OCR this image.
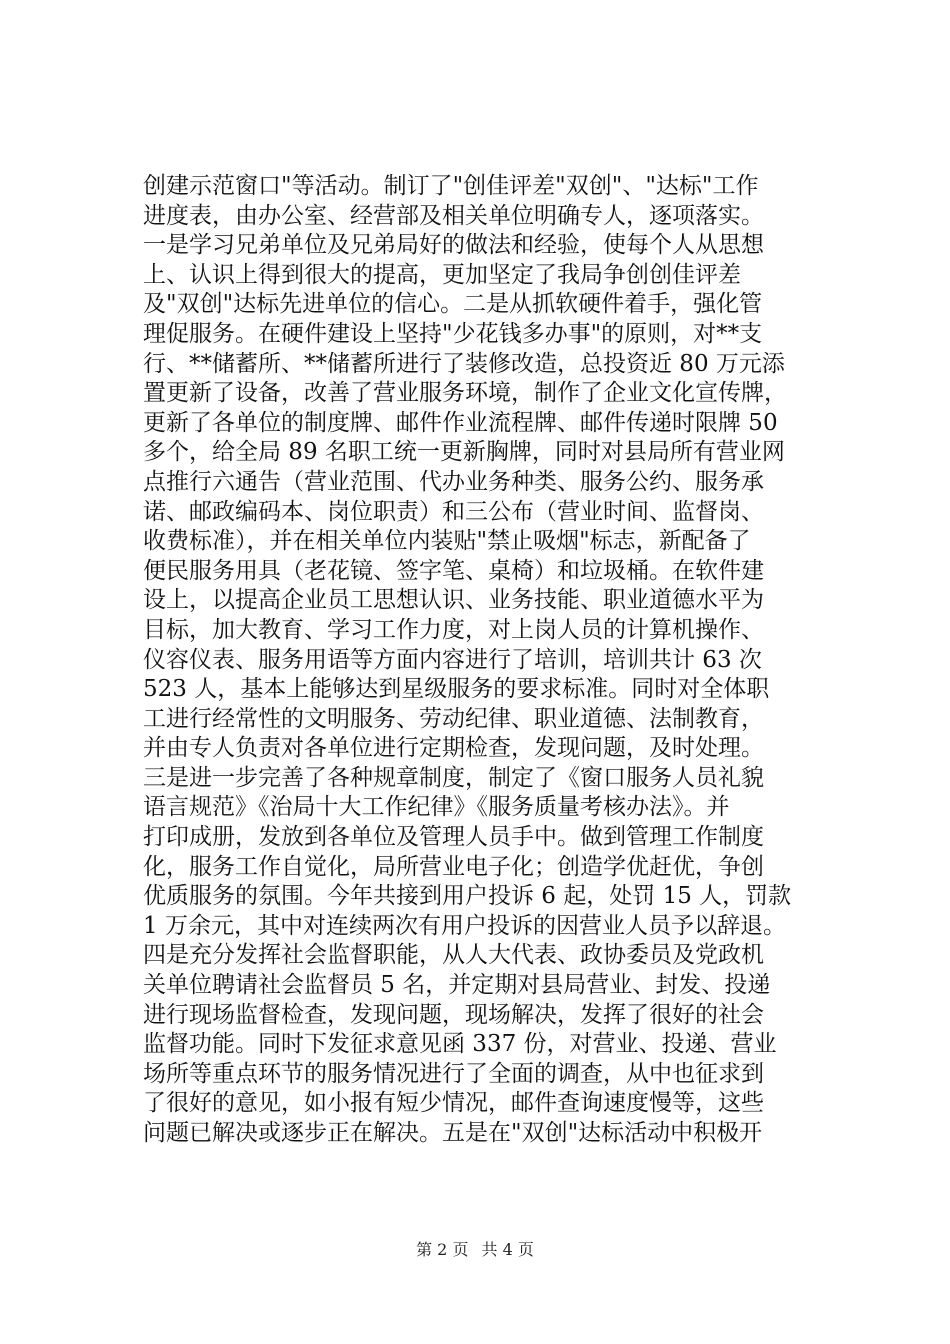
创建示范窗口"等活动。制订了"创佳评差"双创"、"达标"工作
进度表，由办公室、经营部及相关单位明确专人，逐项落实。
一是学习兄弟单位及兄弟局好的做法和经验，使每个人从思想
上、认识上得到很大的提高，更加坚定了我局争创创佳评差
及"双创"达标先进单位的信心。二是从抓软硬件着手，强化管
理促服务。在硬件建设上坚持"少花钱多办事"的原则，对**支
行、**储蓄所、**储蓄所进行了装修改造，总投资近 80 万元添
置更新了设备，改善了营业服务环境，制作了企业文化宣传牌，
更新了各单位的制度牌、邮件作业流程牌、邮件传递时限牌 50
多个，给全局 89 名职工统一更新胸牌，同时对县局所有营业网
点推行六通告（营业范围、代办业务种类、服务公约、服务承
诺、邮政编码本、岗位职责）和三公布（营业时间、监督岗、
收费标准），并在相关单位内装贴"禁止吸烟"标志，新配备了
便民服务用具（老花镜、签字笔、桌椅）和垃圾桶。在软件建
设上，以提高企业员工思想认识、业务技能、职业道德水平为
目标，加大教育、学习工作力度，对上岗人员的计算机操作、
仪容仪表、服务用语等方面内容进行了培训，培训共计 63 次
523 人，基本上能够达到星级服务的要求标准。同时对全体职
工进行经常性的文明服务、劳动纪律、职业道德、法制教育，
并由专人负责对各单位进行定期检查，发现问题，及时处理。
三是进一步完善了各种规章制度，制定了《窗口服务人员礼貌
语言规范》《治局十大工作纪律》《服务质量考核办法》。并
打印成册，发放到各单位及管理人员手中。做到管理工作制度
化，服务工作自觉化，局所营业电子化；创造学优赶优，争创
优质服务的氛围。今年共接到用户投诉 6 起，处罚 15 人，罚款
1 万余元，其中对连续两次有用户投诉的因营业人员予以辞退。
四是充分发挥社会监督职能，从人大代表、政协委员及党政机
关单位聘请社会监督员 5 名，并定期对县局营业、封发、投递
进行现场监督检查，发现问题，现场解决，发挥了很好的社会
监督功能。同时下发征求意见函 337 份，对营业、投递、营业
场所等重点环节的服务情况进行了全面的调查，从中也征求到
了很好的意见，如小报有短少情况，邮件查询速度慢等，这些
问题已解决或逐步正在解决。五是在"双创"达标活动中积极开
第 2 页 共 4 页
